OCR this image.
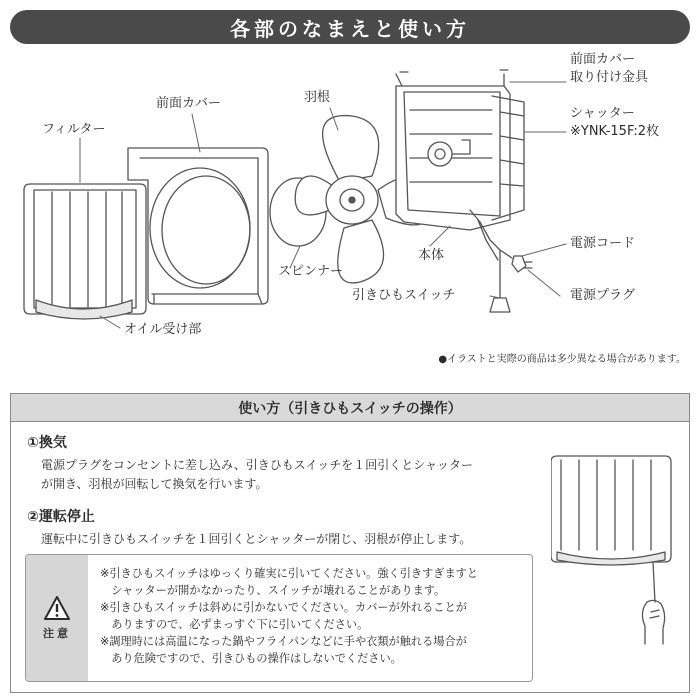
各部のなまえと使い方
フィルター
前面カバー	羽根
前面カバー
取り付け金具
シャッター
※YNK-15F:2枚
スピンナー
本体
電源コード
引きひもスイッチ	電源プラグ
オイル受け部
●イラストと実際の商品は多少異なる場合があります。
使い方（引きひもスイッチの操作）
①換気

電源プラグをコンセントに差し込み、引きひもスイッチを１回引くとシャッター

が開き、羽根が回転して換気を行います。

②運転停止

運転中に引きひもスイッチを１回引くとシャッターが閉じ、羽根が停止します。

注意

※引きひもスイッチはゆっくり確実に引いてください。強く引きすぎますと

　シャッターが開かなかったり、スイッチが壊れることがあります。

※引きひもスイッチは斜めに引かないでください。カバーが外れることが

　ありますので、必ずまっすぐ下に引いてください。

※調理時には高温になった鍋やフライパンなどに手や衣類が触れる場合が

　あり危険ですので、引きひもの操作はしないでください。
